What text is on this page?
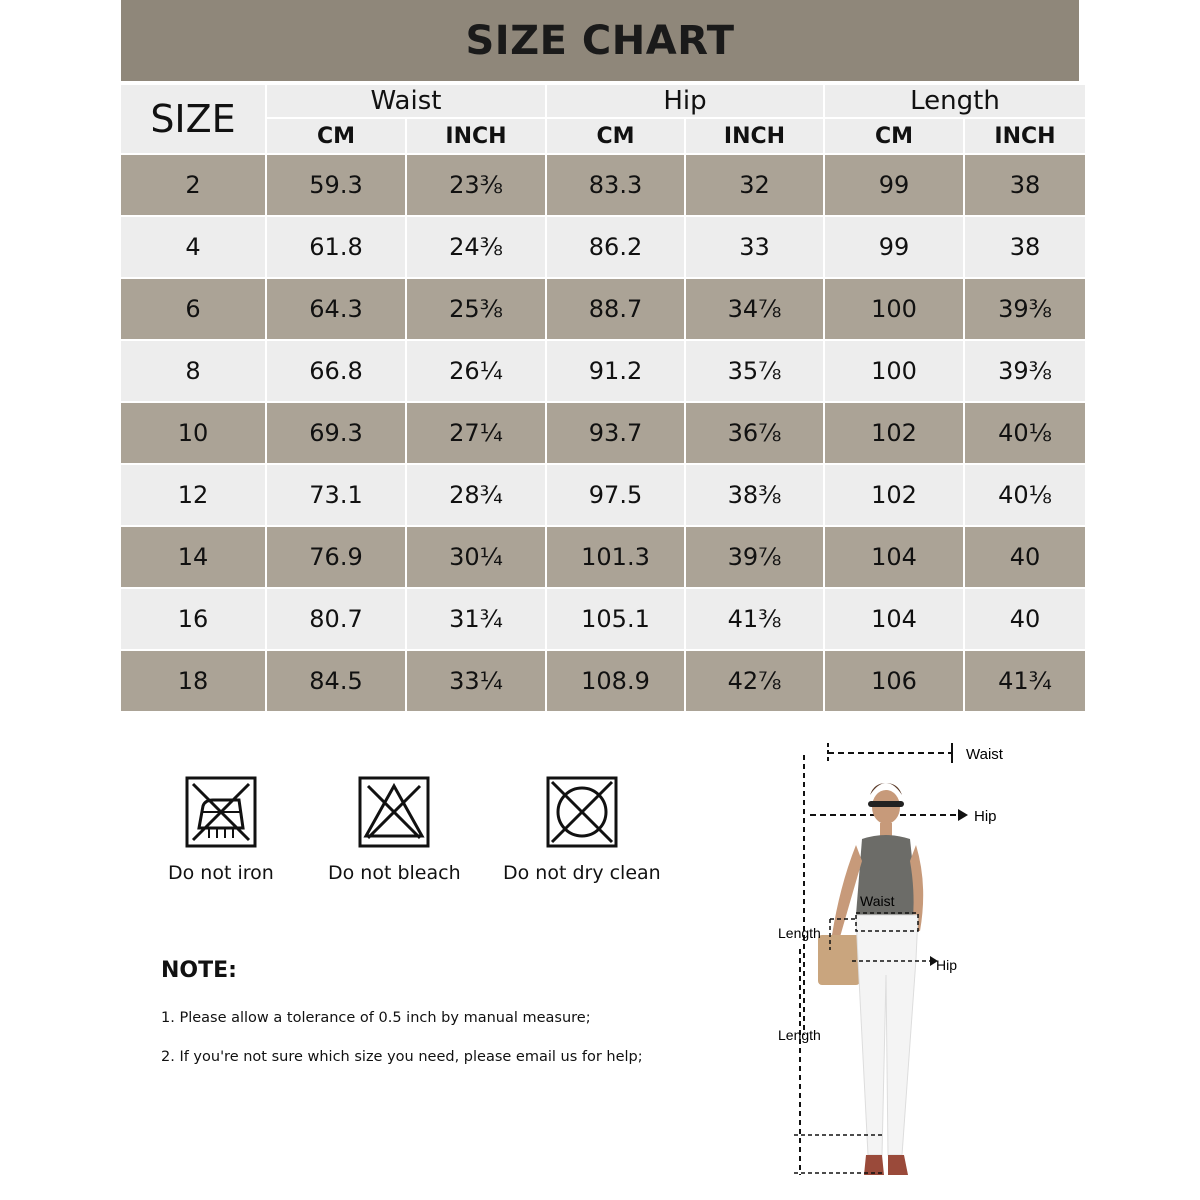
SIZE CHART
SIZE	Waist	Hip	Length
CM	INCH	CM	INCH	CM	INCH
2	59.3	23⅜	83.3	32	99	38
4	61.8	24⅜	86.2	33	99	38
6	64.3	25⅜	88.7	34⅞	100	39⅜
8	66.8	26¼	91.2	35⅞	100	39⅜
10	69.3	27¼	93.7	36⅞	102	40⅛
12	73.1	28¾	97.5	38⅜	102	40⅛
14	76.9	30¼	101.3	39⅞	104	40
16	80.7	31¾	105.1	41⅜	104	40
18	84.5	33¼	108.9	42⅞	106	41¾
Do not iron	Do not bleach Do not dry clean
NOTE:
1. Please allow a tolerance of 0.5 inch by manual measure;
2. If you're not sure which size you need, please email us for help;
Waist
Hip
Waist
Length
Hip
Length
